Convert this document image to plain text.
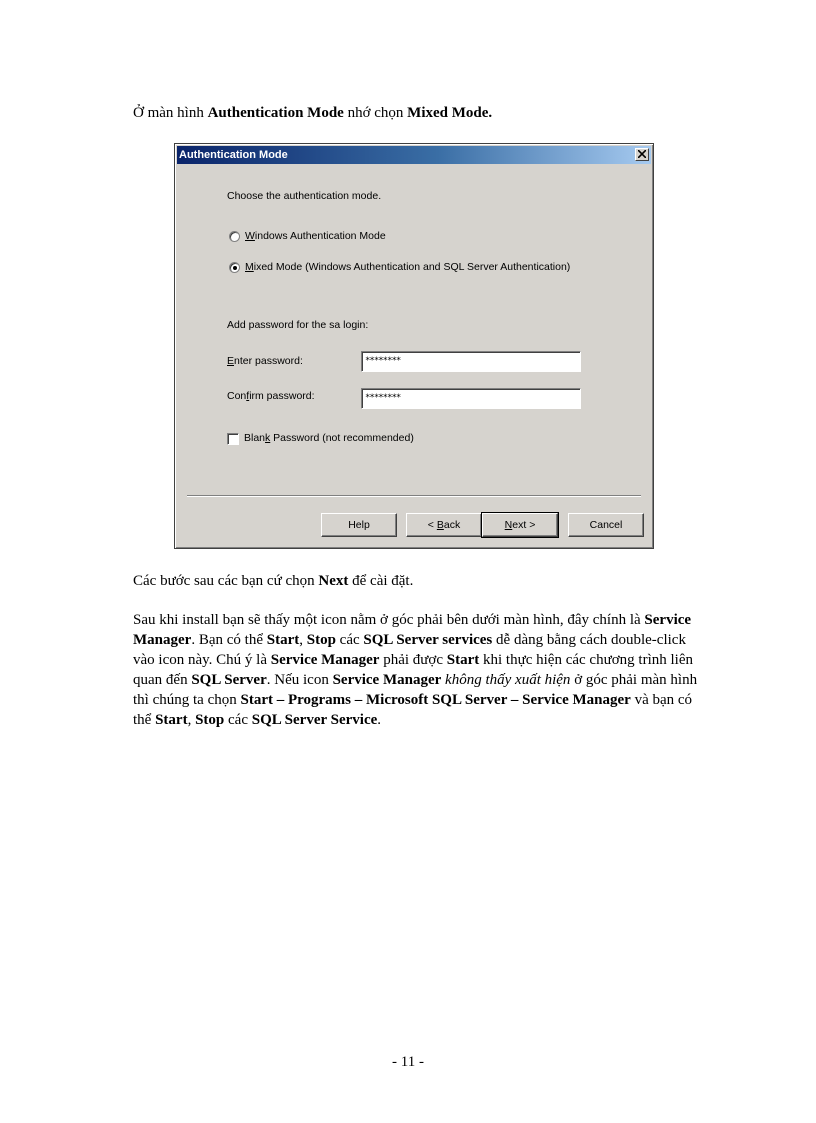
Ở màn hình Authentication Mode nhớ chọn Mixed Mode.

Authentication Mode
Choose the authentication mode.
Windows Authentication Mode
Mixed Mode (Windows Authentication and SQL Server Authentication)
Add password for the sa login:
Enter password:	********
Confirm password:	********
Blank Password (not recommended)
Help	< Back	Next >	Cancel

Các bước sau các bạn cứ chọn Next để cài đặt.

Sau khi install bạn sẽ thấy một icon nằm ở góc phải bên dưới màn hình, đây chính là Service Manager. Bạn có thể Start, Stop các SQL Server services dễ dàng bằng cách double-click vào icon này. Chú ý là Service Manager phải được Start khi thực hiện các chương trình liên quan đến SQL Server. Nếu icon Service Manager không thấy xuất hiện ở góc phải màn hình thì chúng ta chọn Start – Programs – Microsoft SQL Server – Service Manager và bạn có thể Start, Stop các SQL Server Service.

- 11 -
